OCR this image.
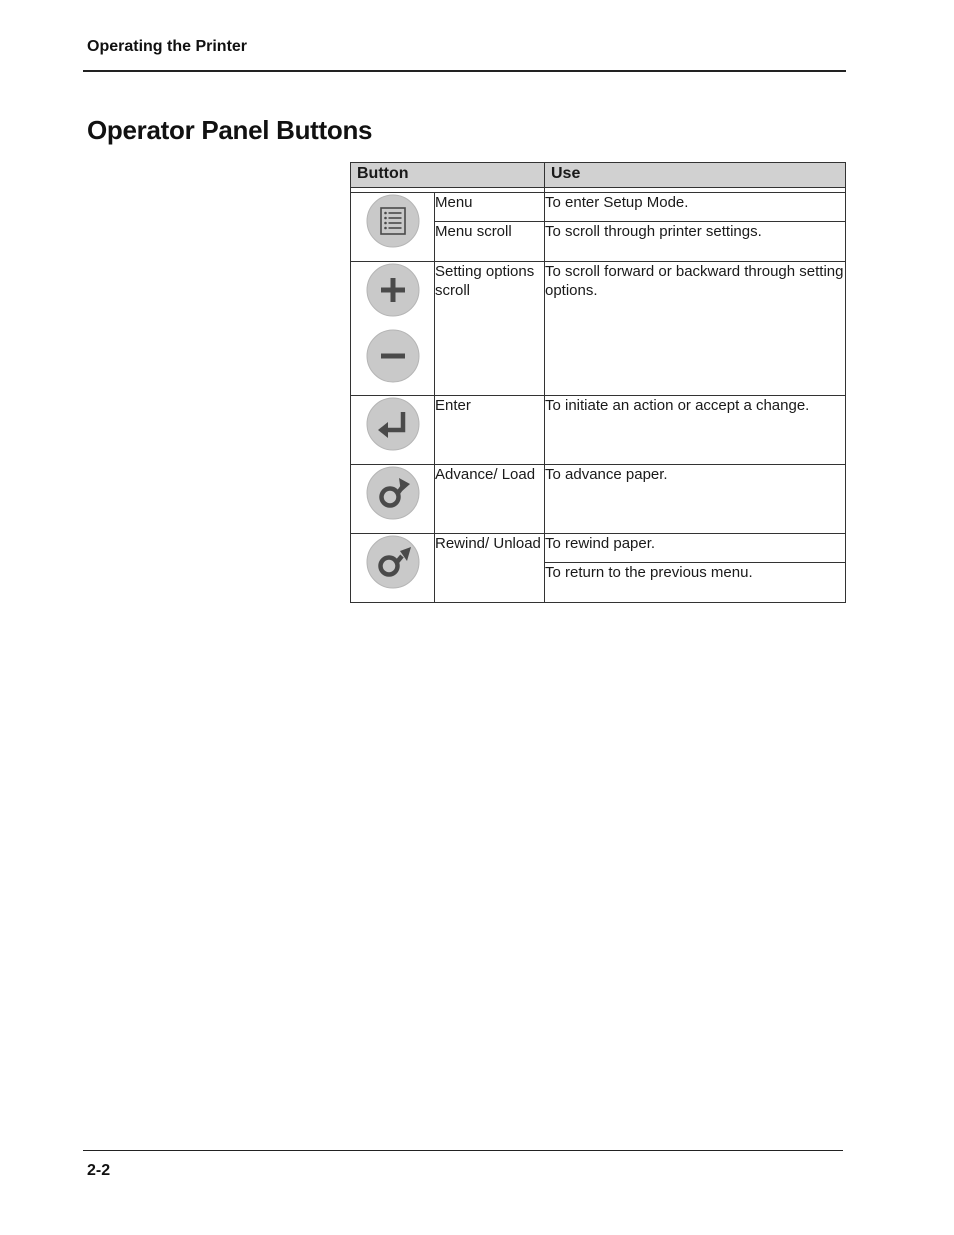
Operating the Printer
Operator Panel Buttons
Button		Use

	Menu	To enter Setup Mode.
	Menu scroll	To scroll through printer settings.

	Setting options scroll	To scroll forward or backward through setting options.

	Enter	To initiate an action or accept a change.

	Advance/ Load	To advance paper.

	Rewind/ Unload	To rewind paper.
		To return to the previous menu.
2-2
